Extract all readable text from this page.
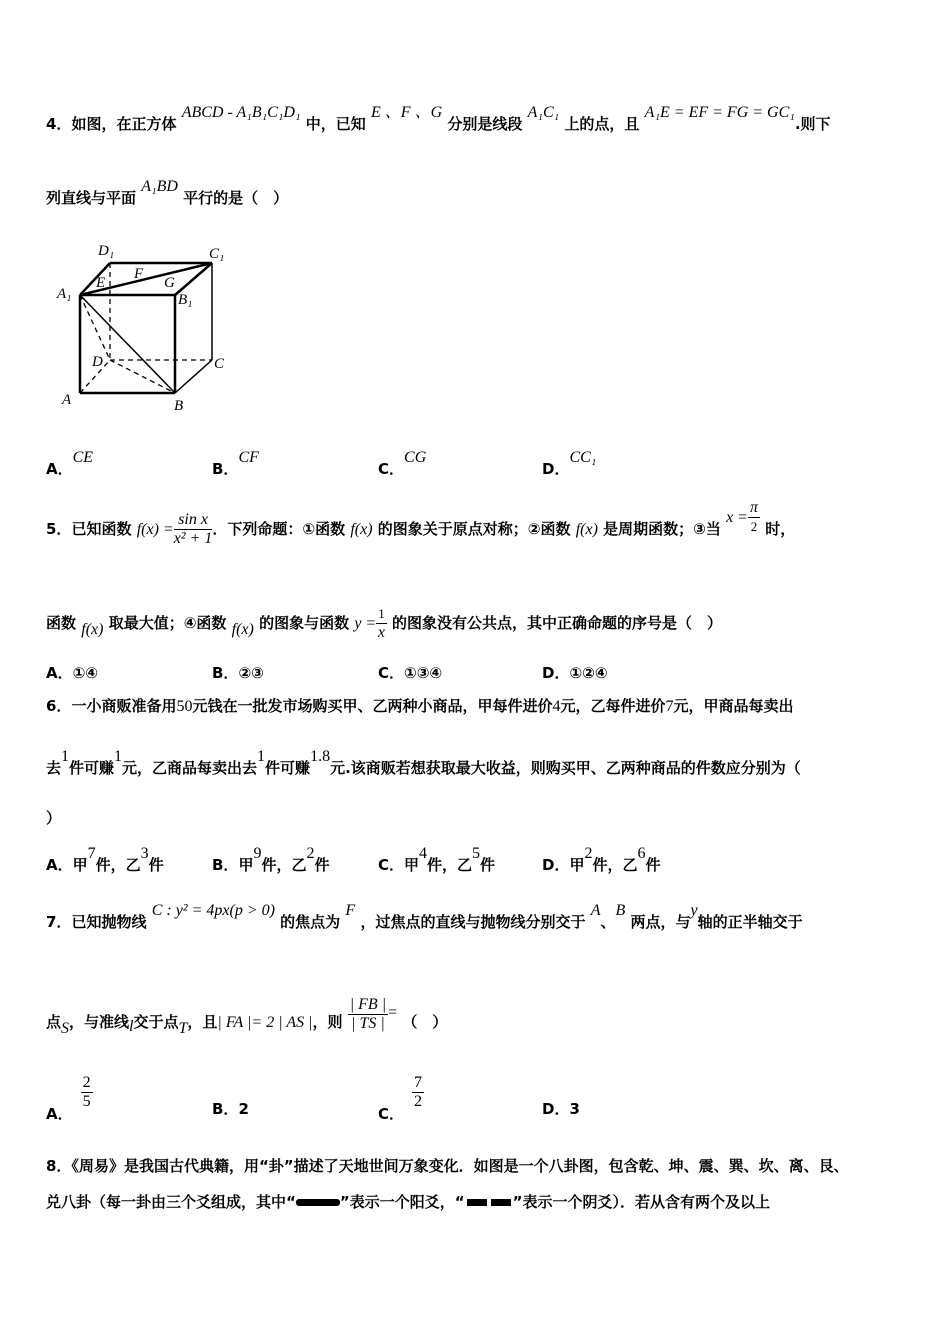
4．如图，在正方体 ABCD - A₁B₁C₁D₁ 中，已知 E 、F 、G 分别是线段 A₁C₁ 上的点，且 A₁E = EF = FG = GC₁.则下
列直线与平面 A₁BD 平行的是（　）
D₁	C₁
A₁
E
F
G
B₁
D	C
A	B
A．CE
B．CF
C．CG
D．CC₁
5．已知函数 $f(x) = \frac{\text{sin x}}{\text{x² + 1}}$ ．下列命题：①函数 f(x) 的图象关于原点对称；②函数 f(x) 是周期函数；③当 $x = \frac{\pi}{2}$ 时，
函数 f(x) 取最大值；④函数 f(x) 的图象与函数 $y = \frac{1}{x}$ 的图象没有公共点，其中正确命题的序号是（　）
A．①④	B．②③	C．①③④	D．①②④
6．一小商贩准备用50元钱在一批发市场购买甲、乙两种小商品，甲每件进价4元，乙每件进价7元，甲商品每卖出
去1件可赚1元，乙商品每卖出去1件可赚1.8元.该商贩若想获取最大收益，则购买甲、乙两种商品的件数应分别为（
）
A．甲7件，乙3件	B．甲9件，乙2件	C．甲4件，乙5件	D．甲2件，乙6件
7．已知抛物线 C : y² = 4px(p > 0) 的焦点为 F ，过焦点的直线与抛物线分别交于 A、B 两点，与y轴的正半轴交于
点S，与准线l交于点T，且| FA |= 2 | AS |，则 $\frac{| FB |}{| TS |}$ = （　）
A．
$\frac{2}{5}$	B．2	C．
$\frac{7}{2}$	D．3
8．《周易》是我国古代典籍，用“卦”描述了天地世间万象变化．如图是一个八卦图，包含乾、坤、震、巽、坎、离、艮、
兑八卦（每一卦由三个爻组成，其中“	”表示一个阳爻，“	”表示一个阴爻）．若从含有两个及以上
